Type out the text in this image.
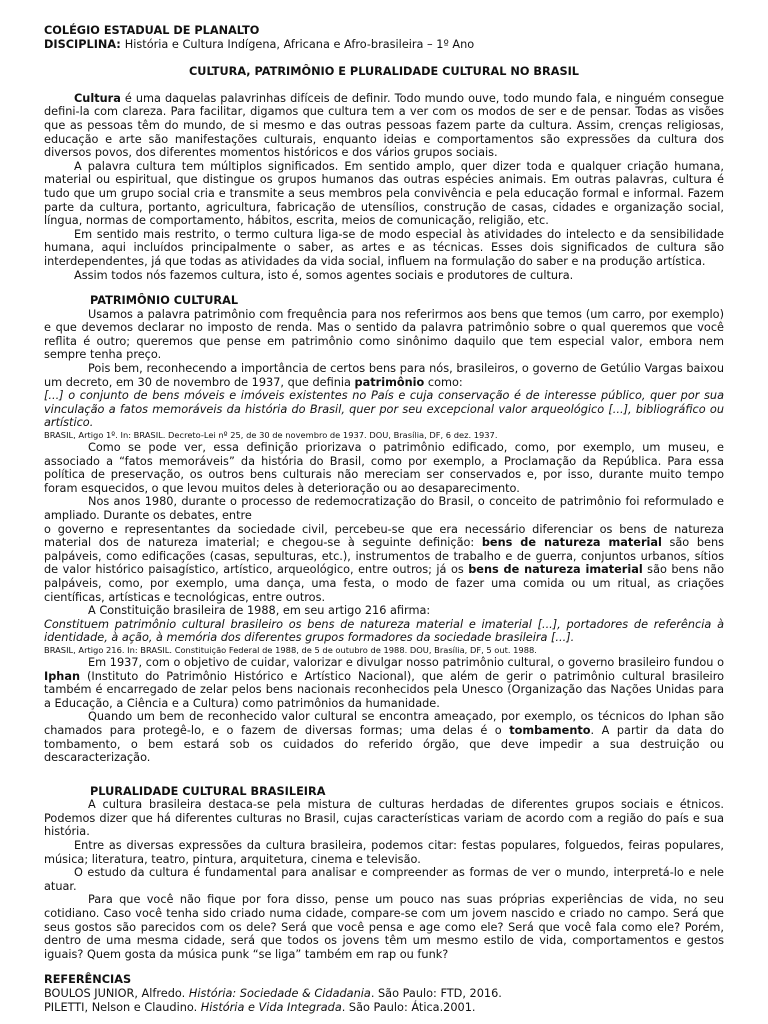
COLÉGIO ESTADUAL DE PLANALTO
DISCIPLINA: História e Cultura Indígena, Africana e Afro-brasileira – 1º Ano
CULTURA, PATRIMÔNIO E PLURALIDADE CULTURAL NO BRASIL

Cultura é uma daquelas palavrinhas difíceis de definir. Todo mundo ouve, todo mundo fala, e ninguém consegue defini-la com clareza. Para facilitar, digamos que cultura tem a ver com os modos de ser e de pensar. Todas as visões que as pessoas têm do mundo, de si mesmo e das outras pessoas fazem parte da cultura. Assim, crenças religiosas, educação e arte são manifestações culturais, enquanto ideias e comportamentos são expressões da cultura dos diversos povos, dos diferentes momentos históricos e dos vários grupos sociais.

A palavra cultura tem múltiplos significados. Em sentido amplo, quer dizer toda e qualquer criação humana, material ou espiritual, que distingue os grupos humanos das outras espécies animais. Em outras palavras, cultura é tudo que um grupo social cria e transmite a seus membros pela convivência e pela educação formal e informal. Fazem parte da cultura, portanto, agricultura, fabricação de utensílios, construção de casas, cidades e organização social, língua, normas de comportamento, hábitos, escrita, meios de comunicação, religião, etc.

Em sentido mais restrito, o termo cultura liga-se de modo especial às atividades do intelecto e da sensibilidade humana, aqui incluídos principalmente o saber, as artes e as técnicas. Esses dois significados de cultura são interdependentes, já que todas as atividades da vida social, influem na formulação do saber e na produção artística.

Assim todos nós fazemos cultura, isto é, somos agentes sociais e produtores de cultura.

PATRIMÔNIO CULTURAL

Usamos a palavra patrimônio com frequência para nos referirmos aos bens que temos (um carro, por exemplo) e que devemos declarar no imposto de renda. Mas o sentido da palavra patrimônio sobre o qual queremos que você reflita é outro; queremos que pense em patrimônio como sinônimo daquilo que tem especial valor, embora nem sempre tenha preço.

Pois bem, reconhecendo a importância de certos bens para nós, brasileiros, o governo de Getúlio Vargas baixou um decreto, em 30 de novembro de 1937, que definia patrimônio como:

[...] o conjunto de bens móveis e imóveis existentes no País e cuja conservação é de interesse público, quer por sua vinculação a fatos memoráveis da história do Brasil, quer por seu excepcional valor arqueológico [...], bibliográfico ou artístico.

BRASIL, Artigo 1º. In: BRASIL. Decreto-Lei nº 25, de 30 de novembro de 1937. DOU, Brasília, DF, 6 dez. 1937.

Como se pode ver, essa definição priorizava o patrimônio edificado, como, por exemplo, um museu, e associado a “fatos memoráveis” da história do Brasil, como por exemplo, a Proclamação da República. Para essa política de preservação, os outros bens culturais não mereciam ser conservados e, por isso, durante muito tempo foram esquecidos, o que levou muitos deles à deterioração ou ao desaparecimento.

Nos anos 1980, durante o processo de redemocratização do Brasil, o conceito de patrimônio foi reformulado e ampliado. Durante os debates, entre

o governo e representantes da sociedade civil, percebeu-se que era necessário diferenciar os bens de natureza material dos de natureza imaterial; e chegou-se à seguinte definição: bens de natureza material são bens palpáveis, como edificações (casas, sepulturas, etc.), instrumentos de trabalho e de guerra, conjuntos urbanos, sítios de valor histórico paisagístico, artístico, arqueológico, entre outros; já os bens de natureza imaterial são bens não palpáveis, como, por exemplo, uma dança, uma festa, o modo de fazer uma comida ou um ritual, as criações científicas, artísticas e tecnológicas, entre outros.

A Constituição brasileira de 1988, em seu artigo 216 afirma:

Constituem patrimônio cultural brasileiro os bens de natureza material e imaterial [...], portadores de referência à identidade, à ação, à memória dos diferentes grupos formadores da sociedade brasileira [...].

BRASIL, Artigo 216. In: BRASIL. Constituição Federal de 1988, de 5 de outubro de 1988. DOU, Brasília, DF, 5 out. 1988.

Em 1937, com o objetivo de cuidar, valorizar e divulgar nosso patrimônio cultural, o governo brasileiro fundou o Iphan (Instituto do Patrimônio Histórico e Artístico Nacional), que além de gerir o patrimônio cultural brasileiro também é encarregado de zelar pelos bens nacionais reconhecidos pela Unesco (Organização das Nações Unidas para a Educação, a Ciência e a Cultura) como patrimônios da humanidade.

Quando um bem de reconhecido valor cultural se encontra ameaçado, por exemplo, os técnicos do Iphan são chamados para protegê-lo, e o fazem de diversas formas; uma delas é o tombamento. A partir da data do tombamento, o bem estará sob os cuidados do referido órgão, que deve impedir a sua destruição ou descaracterização.

PLURALIDADE CULTURAL BRASILEIRA

A cultura brasileira destaca-se pela mistura de culturas herdadas de diferentes grupos sociais e étnicos. Podemos dizer que há diferentes culturas no Brasil, cujas características variam de acordo com a região do país e sua história.

Entre as diversas expressões da cultura brasileira, podemos citar: festas populares, folguedos, feiras populares, música; literatura, teatro, pintura, arquitetura, cinema e televisão.

O estudo da cultura é fundamental para analisar e compreender as formas de ver o mundo, interpretá-lo e nele atuar.

Para que você não fique por fora disso, pense um pouco nas suas próprias experiências de vida, no seu cotidiano. Caso você tenha sido criado numa cidade, compare-se com um jovem nascido e criado no campo. Será que seus gostos são parecidos com os dele? Será que você pensa e age como ele? Será que você fala como ele? Porém, dentro de uma mesma cidade, será que todos os jovens têm um mesmo estilo de vida, comportamentos e gestos iguais? Quem gosta da música punk “se liga” também em rap ou funk?

REFERÊNCIAS

BOULOS JUNIOR, Alfredo. História: Sociedade & Cidadania. São Paulo: FTD, 2016.

PILETTI, Nelson e Claudino. História e Vida Integrada. São Paulo: Ática.2001.
